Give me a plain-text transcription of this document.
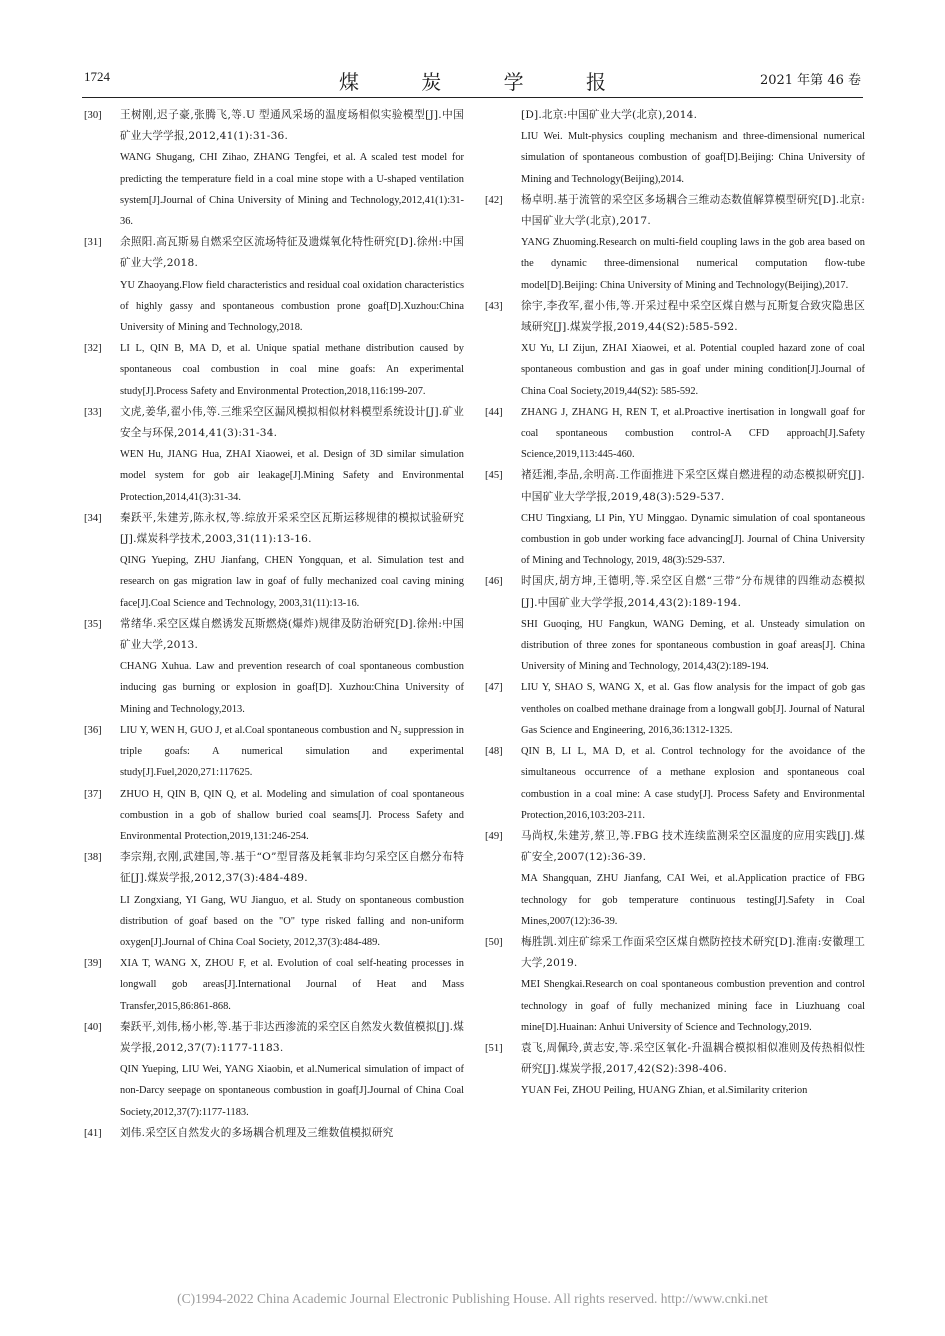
1724	煤 炭 学 报	2021 年第 46 卷
[30]	王树刚,迟子豪,张腾飞,等.U 型通风采场的温度场相似实验模型[J].中国矿业大学学报,2012,41(1):31-36.
WANG Shugang, CHI Zihao, ZHANG Tengfei, et al. A scaled test model for predicting the temperature field in a coal mine stope with a U-shaped ventilation system[J].Journal of China University of Mining and Technology,2012,41(1):31-36.
[31]	余照阳.高瓦斯易自燃采空区流场特征及遗煤氧化特性研究[D].徐州:中国矿业大学,2018.
YU Zhaoyang.Flow field characteristics and residual coal oxidation characteristics of highly gassy and spontaneous combustion prone goaf[D].Xuzhou:China University of Mining and Technology,2018.
[32]	LI L, QIN B, MA D, et al. Unique spatial methane distribution caused by spontaneous coal combustion in coal mine goafs: An experimental study[J].Process Safety and Environmental Protection,2018,116:199-207.
[33]	文虎,姜华,翟小伟,等.三维采空区漏风模拟相似材料模型系统设计[J].矿业安全与环保,2014,41(3):31-34.
WEN Hu, JIANG Hua, ZHAI Xiaowei, et al. Design of 3D similar simulation model system for gob air leakage[J].Mining Safety and Environmental Protection,2014,41(3):31-34.
[34]	秦跃平,朱建芳,陈永权,等.综放开采采空区瓦斯运移规律的模拟试验研究[J].煤炭科学技术,2003,31(11):13-16.
QING Yueping, ZHU Jianfang, CHEN Yongquan, et al. Simulation test and research on gas migration law in goaf of fully mechanized coal caving mining face[J].Coal Science and Technology, 2003,31(11):13-16.
[35]	常绪华.采空区煤自燃诱发瓦斯燃烧(爆炸)规律及防治研究[D].徐州:中国矿业大学,2013.
CHANG Xuhua. Law and prevention research of coal spontaneous combustion inducing gas burning or explosion in goaf[D]. Xuzhou:China University of Mining and Technology,2013.
[36]	LIU Y, WEN H, GUO J, et al.Coal spontaneous combustion and N₂ suppression in triple goafs: A numerical simulation and experimental study[J].Fuel,2020,271:117625.
[37]	ZHUO H, QIN B, QIN Q, et al. Modeling and simulation of coal spontaneous combustion in a gob of shallow buried coal seams[J]. Process Safety and Environmental Protection,2019,131:246-254.
[38]	李宗翔,衣刚,武建国,等.基于“O”型冒落及耗氧非均匀采空区自燃分布特征[J].煤炭学报,2012,37(3):484-489.
LI Zongxiang, YI Gang, WU Jianguo, et al. Study on spontaneous combustion distribution of goaf based on the "O" type risked falling and non-uniform oxygen[J].Journal of China Coal Society, 2012,37(3):484-489.
[39]	XIA T, WANG X, ZHOU F, et al. Evolution of coal self-heating processes in longwall gob areas[J].International Journal of Heat and Mass Transfer,2015,86:861-868.
[40]	秦跃平,刘伟,杨小彬,等.基于非达西渗流的采空区自然发火数值模拟[J].煤炭学报,2012,37(7):1177-1183.
QIN Yueping, LIU Wei, YANG Xiaobin, et al.Numerical simulation of impact of non-Darcy seepage on spontaneous combustion in goaf[J].Journal of China Coal Society,2012,37(7):1177-1183.
[41]	刘伟.采空区自然发火的多场耦合机理及三维数值模拟研究
[D].北京:中国矿业大学(北京),2014.
LIU Wei. Mult-physics coupling mechanism and three-dimensional numerical simulation of spontaneous combustion of goaf[D].Beijing: China University of Mining and Technology(Beijing),2014.
[42]	杨卓明.基于流管的采空区多场耦合三维动态数值解算模型研究[D].北京:中国矿业大学(北京),2017.
YANG Zhuoming.Research on multi-field coupling laws in the gob area based on the dynamic three-dimensional numerical computation flow-tube model[D].Beijing: China University of Mining and Technology(Beijing),2017.
[43]	徐宇,李孜军,翟小伟,等.开采过程中采空区煤自燃与瓦斯复合致灾隐患区域研究[J].煤炭学报,2019,44(S2):585-592.
XU Yu, LI Zijun, ZHAI Xiaowei, et al. Potential coupled hazard zone of coal spontaneous combustion and gas in goaf under mining condition[J].Journal of China Coal Society,2019,44(S2): 585-592.
[44]	ZHANG J, ZHANG H, REN T, et al.Proactive inertisation in longwall goaf for coal spontaneous combustion control-A CFD approach[J].Safety Science,2019,113:445-460.
[45]	褚廷湘,李品,余明高.工作面推进下采空区煤自燃进程的动态模拟研究[J].中国矿业大学学报,2019,48(3):529-537.
CHU Tingxiang, LI Pin, YU Minggao. Dynamic simulation of coal spontaneous combustion in gob under working face advancing[J]. Journal of China University of Mining and Technology, 2019, 48(3):529-537.
[46]	时国庆,胡方坤,王德明,等.采空区自燃“三带”分布规律的四维动态模拟[J].中国矿业大学学报,2014,43(2):189-194.
SHI Guoqing, HU Fangkun, WANG Deming, et al. Unsteady simulation on distribution of three zones for spontaneous combustion in goaf areas[J]. China University of Mining and Technology, 2014,43(2):189-194.
[47]	LIU Y, SHAO S, WANG X, et al. Gas flow analysis for the impact of gob gas ventholes on coalbed methane drainage from a longwall gob[J]. Journal of Natural Gas Science and Engineering, 2016,36:1312-1325.
[48]	QIN B, LI L, MA D, et al. Control technology for the avoidance of the simultaneous occurrence of a methane explosion and spontaneous coal combustion in a coal mine: A case study[J]. Process Safety and Environmental Protection,2016,103:203-211.
[49]	马尚权,朱建芳,蔡卫,等.FBG 技术连续监测采空区温度的应用实践[J].煤矿安全,2007(12):36-39.
MA Shangquan, ZHU Jianfang, CAI Wei, et al.Application practice of FBG technology for gob temperature continuous testing[J].Safety in Coal Mines,2007(12):36-39.
[50]	梅胜凯.刘庄矿综采工作面采空区煤自燃防控技术研究[D].淮南:安徽理工大学,2019.
MEI Shengkai.Research on coal spontaneous combustion prevention and control technology in goaf of fully mechanized mining face in Liuzhuang coal mine[D].Huainan: Anhui University of Science and Technology,2019.
[51]	袁飞,周佩玲,黄志安,等.采空区氧化-升温耦合模拟相似准则及传热相似性研究[J].煤炭学报,2017,42(S2):398-406.
YUAN Fei, ZHOU Peiling, HUANG Zhian, et al.Similarity criterion
(C)1994-2022 China Academic Journal Electronic Publishing House. All rights reserved. http://www.cnki.net
